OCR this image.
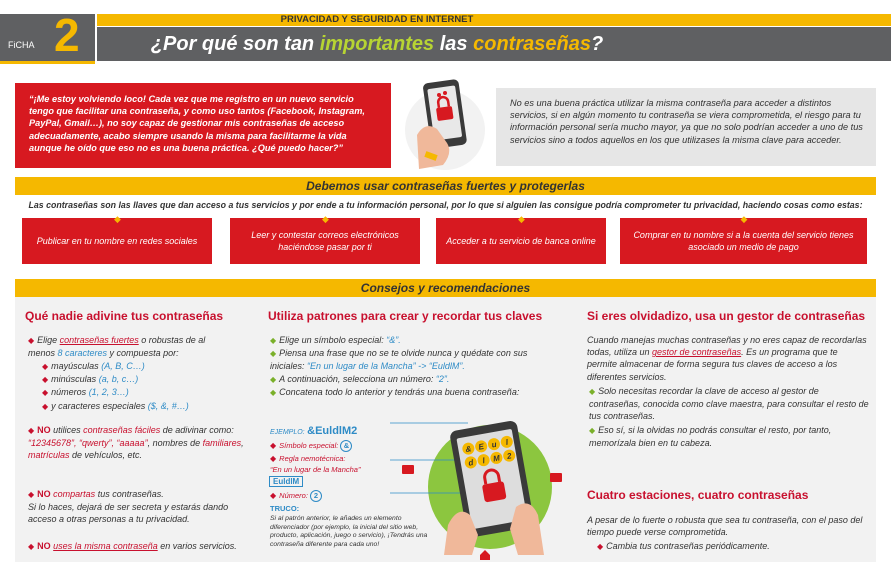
FiCHA 2	PRIVACIDAD Y SEGURIDAD EN INTERNET
¿Por qué son tan importantes las contraseñas?
“¡Me estoy volviendo loco! Cada vez que me registro en un nuevo servicio tengo que facilitar una contraseña, y como uso tantos (Facebook, Instagram, PayPal, Gmail…), no soy capaz de gestionar mis contraseñas de acceso adecuadamente, acabo siempre usando la misma para facilitarme la vida aunque he oído que eso no es una buena práctica. ¿Qué puedo hacer?”
No es una buena práctica utilizar la misma contraseña para acceder a distintos servicios, si en algún momento tu contraseña se viera comprometida, el riesgo para tu información personal sería mucho mayor, ya que no solo podrían acceder a uno de tus servicios sino a todos aquellos en los que utilizases la misma clave para acceder.
Debemos usar contraseñas fuertes y protegerlas
Las contraseñas son las llaves que dan acceso a tus servicios y por ende a tu información personal, por lo que si alguien las consigue podría comprometer tu privacidad, haciendo cosas como estas:
◆
Publicar en tu nombre en redes sociales
◆
Leer y contestar correos electrónicos haciéndose pasar por ti
◆
Acceder a tu servicio de banca online
◆
Comprar en tu nombre si a la cuenta del servicio tienes asociado un medio de pago
Consejos y recomendaciones
Qué nadie adivine tus contraseñas
◆ Elige contraseñas fuertes o robustas de al menos 8 caracteres y compuesta por:
◆ mayúsculas (A, B, C…)
◆ minúsculas (a, b, c…)
◆ números (1, 2, 3…)
◆ y caracteres especiales ($, &, #…)
◆ NO utilices contraseñas fáciles de adivinar como: “12345678”, “qwerty”, “aaaaa”, nombres de familiares, matrículas de vehículos, etc.
◆ NO compartas tus contraseñas.
Si lo haces, dejará de ser secreta y estarás dando acceso a otras personas a tu privacidad.
◆ NO uses la misma contraseña en varios servicios.
Utiliza patrones para crear y recordar tus claves
◆ Elige un símbolo especial: “&”.
◆ Piensa una frase que no se te olvide nunca y quédate con sus iniciales: “En un lugar de la Mancha” -> “EuldlM”.
◆ A continuación, selecciona un número: “2”.
◆ Concatena todo lo anterior y tendrás una buena contraseña:
EJEMPLO: &EuldlM2
◆ Símbolo especial: &
◆ Regla nemotécnica:
“En un lugar de la Mancha”
EuldlM
◆ Número: 2
TRUCO:
Si al patrón anterior, le añades un elemento diferenciador (por ejemplo, la inicial del sitio web, producto, aplicación, juego o servicio), ¡Tendrás una contraseña diferente para cada uno!
& E u l
d l M 2
Si eres olvidadizo, usa un gestor de contraseñas
Cuando manejas muchas contraseñas y no eres capaz de recordarlas todas, utiliza un gestor de contraseñas. Es un programa que te permite almacenar de forma segura tus claves de acceso a los diferentes servicios.
◆ Solo necesitas recordar la clave de acceso al gestor de contraseñas, conocida como clave maestra, para consultar el resto de tus contraseñas.
◆ Eso sí, si la olvidas no podrás consultar el resto, por tanto, memorízala bien en tu cabeza.
Cuatro estaciones, cuatro contraseñas
A pesar de lo fuerte o robusta que sea tu contraseña, con el paso del tiempo puede verse comprometida.
◆ Cambia tus contraseñas periódicamente.
